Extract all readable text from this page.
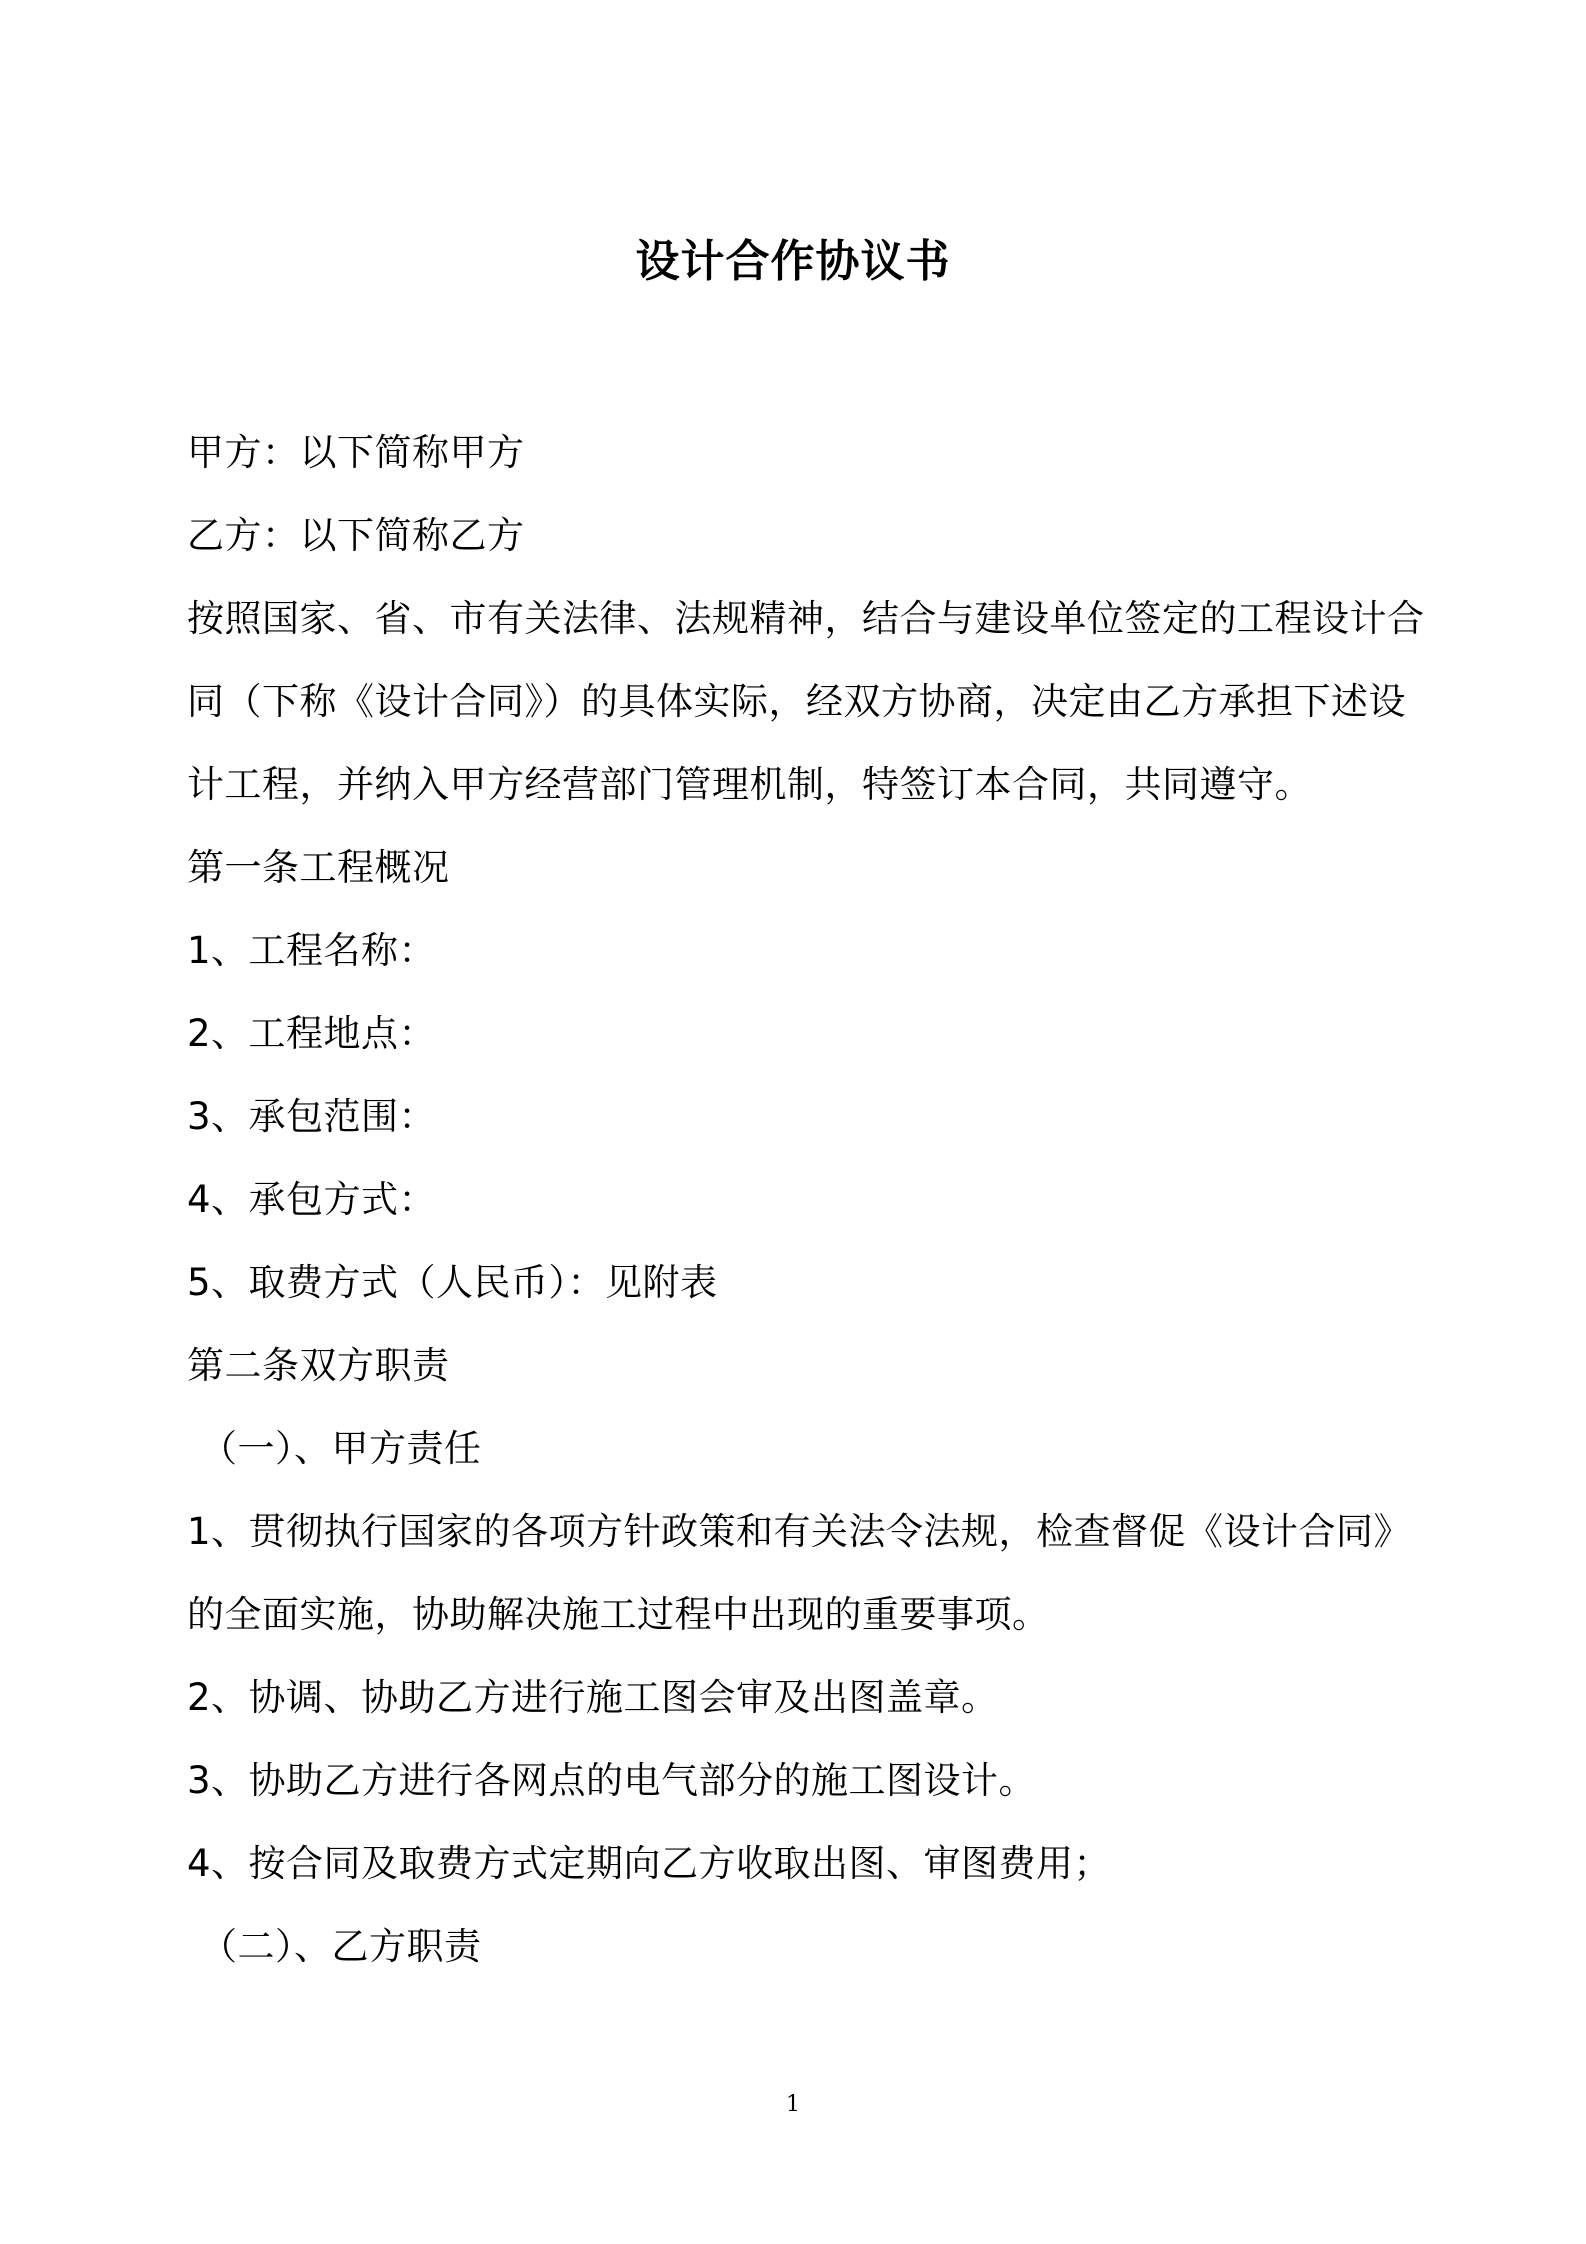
设计合作协议书
甲方：以下简称甲方
乙方：以下简称乙方
按照国家、省、市有关法律、法规精神，结合与建设单位签定的工程设计合
同（下称《设计合同》）的具体实际，经双方协商，决定由乙方承担下述设
计工程，并纳入甲方经营部门管理机制，特签订本合同，共同遵守。
第一条工程概况
1、工程名称：
2、工程地点：
3、承包范围：
4、承包方式：
5、取费方式（人民币）：见附表
第二条双方职责
（一）、甲方责任
1、贯彻执行国家的各项方针政策和有关法令法规，检查督促《设计合同》
的全面实施，协助解决施工过程中出现的重要事项。
2、协调、协助乙方进行施工图会审及出图盖章。
3、协助乙方进行各网点的电气部分的施工图设计。
4、按合同及取费方式定期向乙方收取出图、审图费用；
（二）、乙方职责
1
